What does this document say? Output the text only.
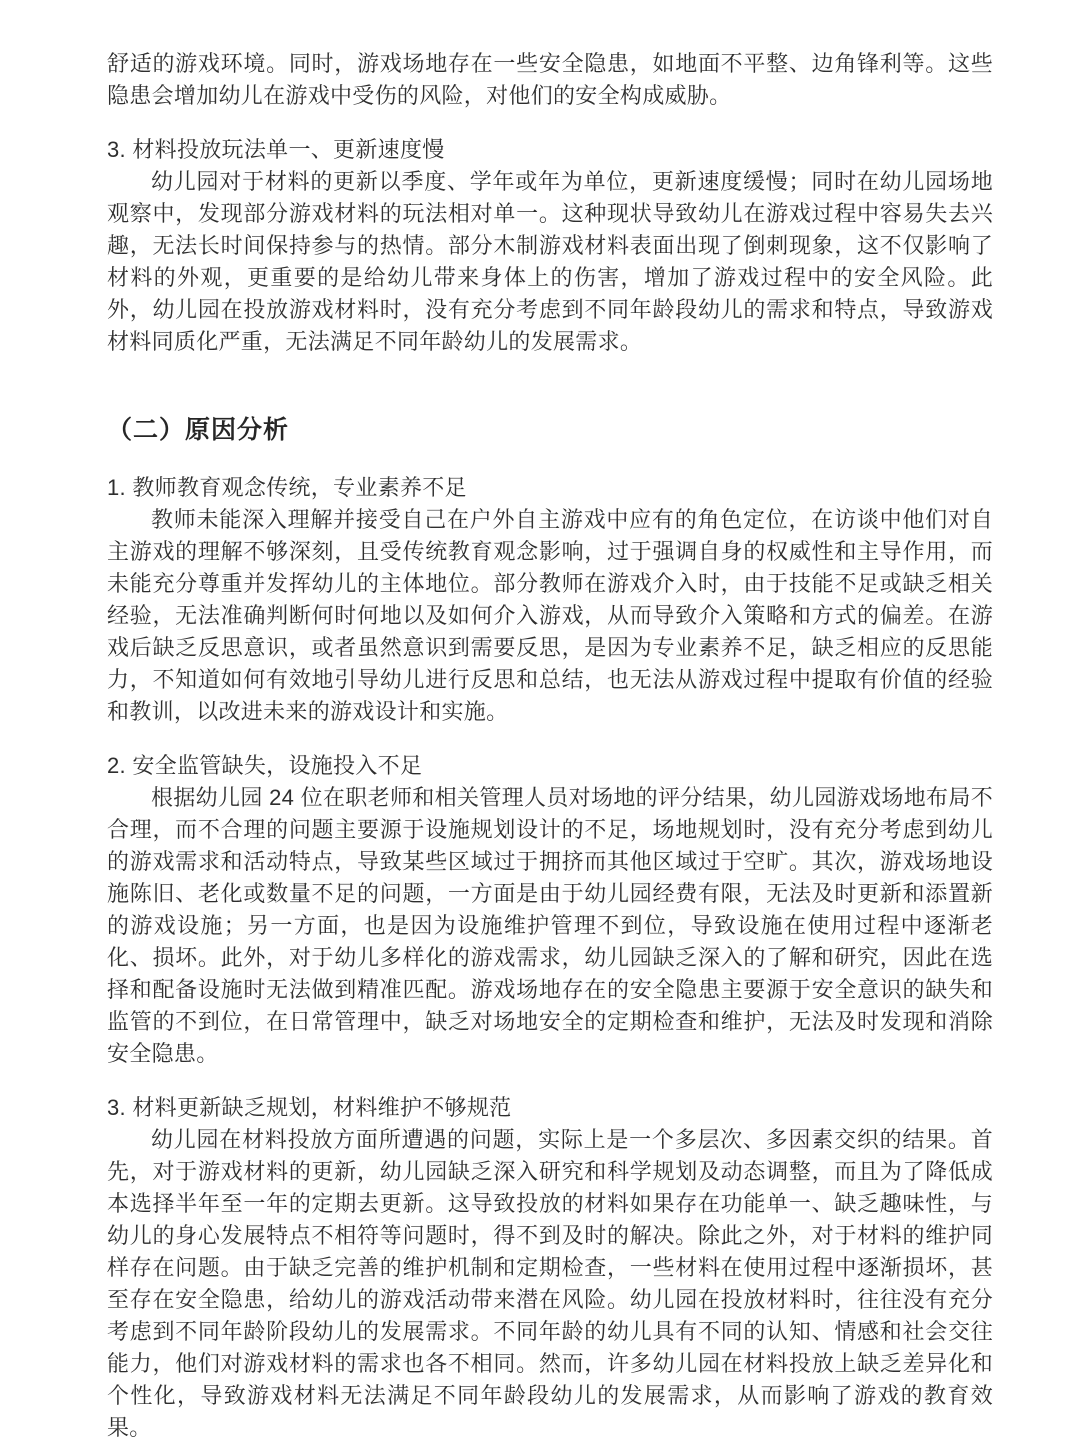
舒适的游戏环境。同时，游戏场地存在一些安全隐患，如地面不平整、边角锋利等。这些隐患会增加幼儿在游戏中受伤的风险，对他们的安全构成威胁。

3. 材料投放玩法单一、更新速度慢

幼儿园对于材料的更新以季度、学年或年为单位，更新速度缓慢；同时在幼儿园场地观察中，发现部分游戏材料的玩法相对单一。这种现状导致幼儿在游戏过程中容易失去兴趣，无法长时间保持参与的热情。部分木制游戏材料表面出现了倒刺现象，这不仅影响了材料的外观，更重要的是给幼儿带来身体上的伤害，增加了游戏过程中的安全风险。此外，幼儿园在投放游戏材料时，没有充分考虑到不同年龄段幼儿的需求和特点，导致游戏材料同质化严重，无法满足不同年龄幼儿的发展需求。

（二）原因分析
1. 教师教育观念传统，专业素养不足

教师未能深入理解并接受自己在户外自主游戏中应有的角色定位，在访谈中他们对自主游戏的理解不够深刻，且受传统教育观念影响，过于强调自身的权威性和主导作用，而未能充分尊重并发挥幼儿的主体地位。部分教师在游戏介入时，由于技能不足或缺乏相关经验，无法准确判断何时何地以及如何介入游戏，从而导致介入策略和方式的偏差。在游戏后缺乏反思意识，或者虽然意识到需要反思，是因为专业素养不足，缺乏相应的反思能力，不知道如何有效地引导幼儿进行反思和总结，也无法从游戏过程中提取有价值的经验和教训，以改进未来的游戏设计和实施。

2. 安全监管缺失，设施投入不足

根据幼儿园 24 位在职老师和相关管理人员对场地的评分结果，幼儿园游戏场地布局不合理，而不合理的问题主要源于设施规划设计的不足，场地规划时，没有充分考虑到幼儿的游戏需求和活动特点，导致某些区域过于拥挤而其他区域过于空旷。其次，游戏场地设施陈旧、老化或数量不足的问题，一方面是由于幼儿园经费有限，无法及时更新和添置新的游戏设施；另一方面，也是因为设施维护管理不到位，导致设施在使用过程中逐渐老化、损坏。此外，对于幼儿多样化的游戏需求，幼儿园缺乏深入的了解和研究，因此在选择和配备设施时无法做到精准匹配。游戏场地存在的安全隐患主要源于安全意识的缺失和监管的不到位，在日常管理中，缺乏对场地安全的定期检查和维护，无法及时发现和消除安全隐患。

3. 材料更新缺乏规划，材料维护不够规范

幼儿园在材料投放方面所遭遇的问题，实际上是一个多层次、多因素交织的结果。首先，对于游戏材料的更新，幼儿园缺乏深入研究和科学规划及动态调整，而且为了降低成本选择半年至一年的定期去更新。这导致投放的材料如果存在功能单一、缺乏趣味性，与幼儿的身心发展特点不相符等问题时，得不到及时的解决。除此之外，对于材料的维护同样存在问题。由于缺乏完善的维护机制和定期检查，一些材料在使用过程中逐渐损坏，甚至存在安全隐患，给幼儿的游戏活动带来潜在风险。幼儿园在投放材料时，往往没有充分考虑到不同年龄阶段幼儿的发展需求。不同年龄的幼儿具有不同的认知、情感和社会交往能力，他们对游戏材料的需求也各不相同。然而，许多幼儿园在材料投放上缺乏差异化和个性化，导致游戏材料无法满足不同年龄段幼儿的发展需求，从而影响了游戏的教育效果。
